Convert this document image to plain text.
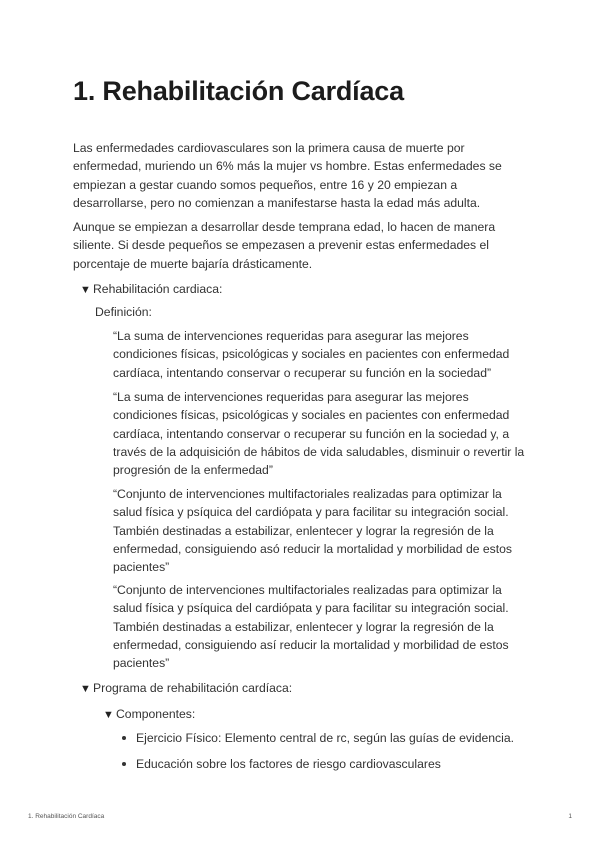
1. Rehabilitación Cardíaca

Las enfermedades cardiovasculares son la primera causa de muerte por enfermedad, muriendo un 6% más la mujer vs hombre. Estas enfermedades se empiezan a gestar cuando somos pequeños, entre 16 y 20 empiezan a desarrollarse, pero no comienzan a manifestarse hasta la edad más adulta.

Aunque se empiezan a desarrollar desde temprana edad, lo hacen de manera siliente. Si desde pequeños se empezasen a prevenir estas enfermedades el porcentaje de muerte bajaría drásticamente.

▼ Rehabilitación cardiaca:
Definición:

“La suma de intervenciones requeridas para asegurar las mejores condiciones físicas, psicológicas y sociales en pacientes con enfermedad cardíaca, intentando conservar o recuperar su función en la sociedad”

“La suma de intervenciones requeridas para asegurar las mejores condiciones físicas, psicológicas y sociales en pacientes con enfermedad cardíaca, intentando conservar o recuperar su función en la sociedad y, a través de la adquisición de hábitos de vida saludables, disminuir o revertir la progresión de la enfermedad”

“Conjunto de intervenciones multifactoriales realizadas para optimizar la salud física y psíquica del cardiópata y para facilitar su integración social. También destinadas a estabilizar, enlentecer y lograr la regresión de la enfermedad, consiguiendo asó reducir la mortalidad y morbilidad de estos pacientes”

“Conjunto de intervenciones multifactoriales realizadas para optimizar la salud física y psíquica del cardiópata y para facilitar su integración social. También destinadas a estabilizar, enlentecer y lograr la regresión de la enfermedad, consiguiendo así reducir la mortalidad y morbilidad de estos pacientes”

▼ Programa de rehabilitación cardíaca:
▼ Componentes:
Ejercicio Físico: Elemento central de rc, según las guías de evidencia.
Educación sobre los factores de riesgo cardiovasculares
1. Rehabilitación Cardíaca	1
